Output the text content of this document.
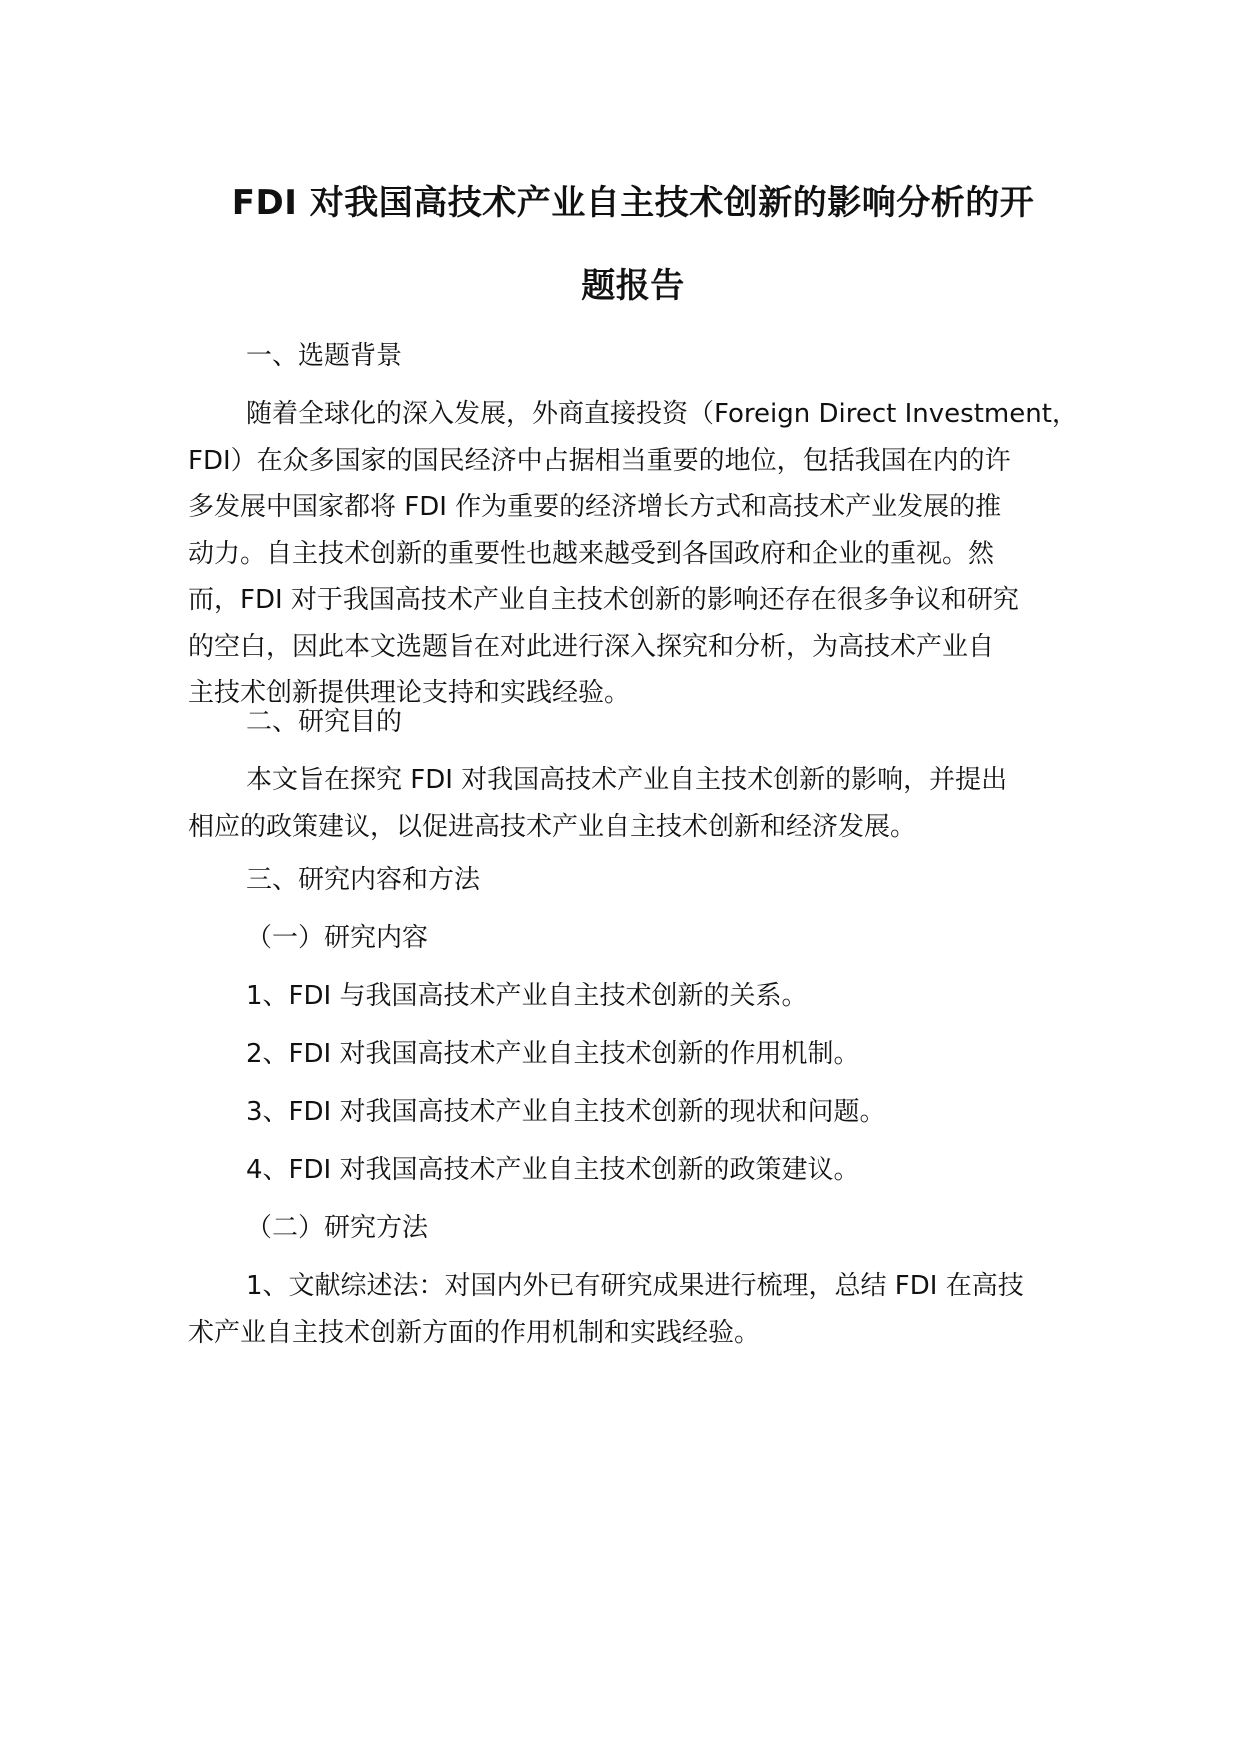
FDI 对我国高技术产业自主技术创新的影响分析的开
题报告

一、选题背景

随着全球化的深入发展，外商直接投资（Foreign Direct Investment，
FDI）在众多国家的国民经济中占据相当重要的地位，包括我国在内的许
多发展中国家都将 FDI 作为重要的经济增长方式和高技术产业发展的推
动力。自主技术创新的重要性也越来越受到各国政府和企业的重视。然
而，FDI 对于我国高技术产业自主技术创新的影响还存在很多争议和研究
的空白，因此本文选题旨在对此进行深入探究和分析，为高技术产业自
主技术创新提供理论支持和实践经验。

二、研究目的

本文旨在探究 FDI 对我国高技术产业自主技术创新的影响，并提出
相应的政策建议，以促进高技术产业自主技术创新和经济发展。

三、研究内容和方法

（一）研究内容

1、FDI 与我国高技术产业自主技术创新的关系。

2、FDI 对我国高技术产业自主技术创新的作用机制。

3、FDI 对我国高技术产业自主技术创新的现状和问题。

4、FDI 对我国高技术产业自主技术创新的政策建议。

（二）研究方法

1、文献综述法：对国内外已有研究成果进行梳理，总结 FDI 在高技
术产业自主技术创新方面的作用机制和实践经验。
